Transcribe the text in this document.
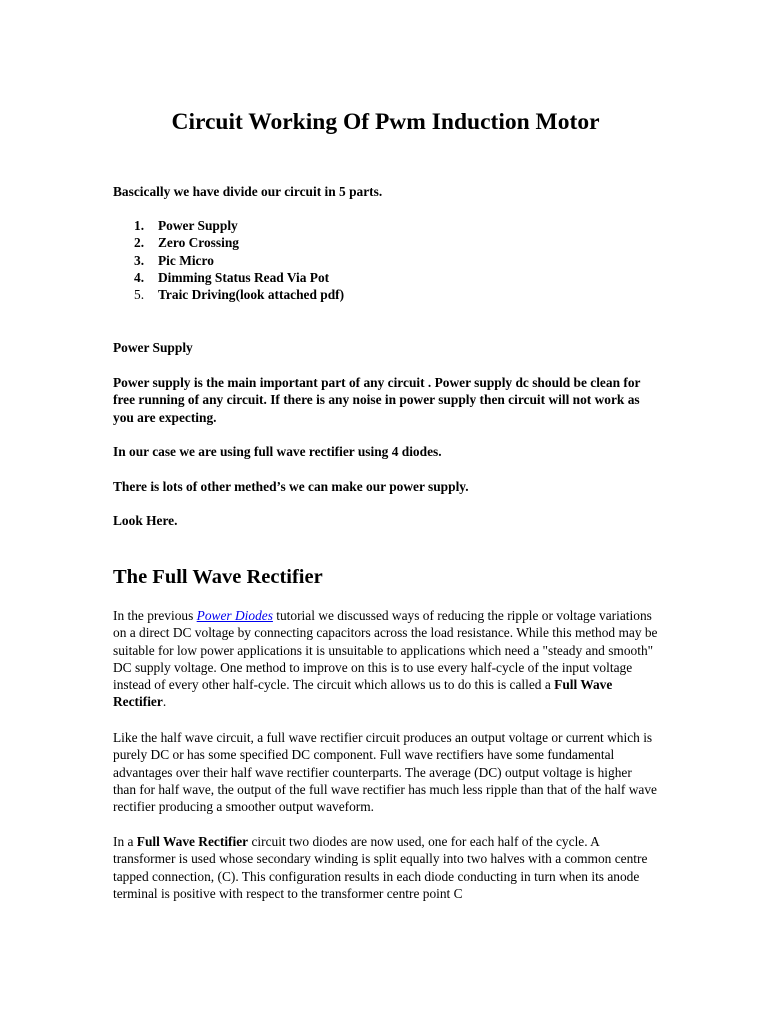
Circuit Working Of Pwm Induction Motor

Bascically we have divide our circuit in 5 parts.

1. Power Supply
2. Zero Crossing
3. Pic Micro
4. Dimming Status Read Via Pot
5. Traic Driving(look attached pdf)

Power Supply

Power supply is the main important part of any circuit . Power supply dc should be clean for free running of any circuit. If there is any noise in power supply then circuit will not work as you are expecting.

In our case we are using full wave rectifier using 4 diodes.

There is lots of other methed’s we can make our power supply.

Look Here.

The Full Wave Rectifier

In the previous Power Diodes tutorial we discussed ways of reducing the ripple or voltage variations on a direct DC voltage by connecting capacitors across the load resistance. While this method may be suitable for low power applications it is unsuitable to applications which need a "steady and smooth" DC supply voltage. One method to improve on this is to use every half-cycle of the input voltage instead of every other half-cycle. The circuit which allows us to do this is called a Full Wave Rectifier.

Like the half wave circuit, a full wave rectifier circuit produces an output voltage or current which is purely DC or has some specified DC component. Full wave rectifiers have some fundamental advantages over their half wave rectifier counterparts. The average (DC) output voltage is higher than for half wave, the output of the full wave rectifier has much less ripple than that of the half wave rectifier producing a smoother output waveform.

In a Full Wave Rectifier circuit two diodes are now used, one for each half of the cycle. A transformer is used whose secondary winding is split equally into two halves with a common centre tapped connection, (C). This configuration results in each diode conducting in turn when its anode terminal is positive with respect to the transformer centre point C
